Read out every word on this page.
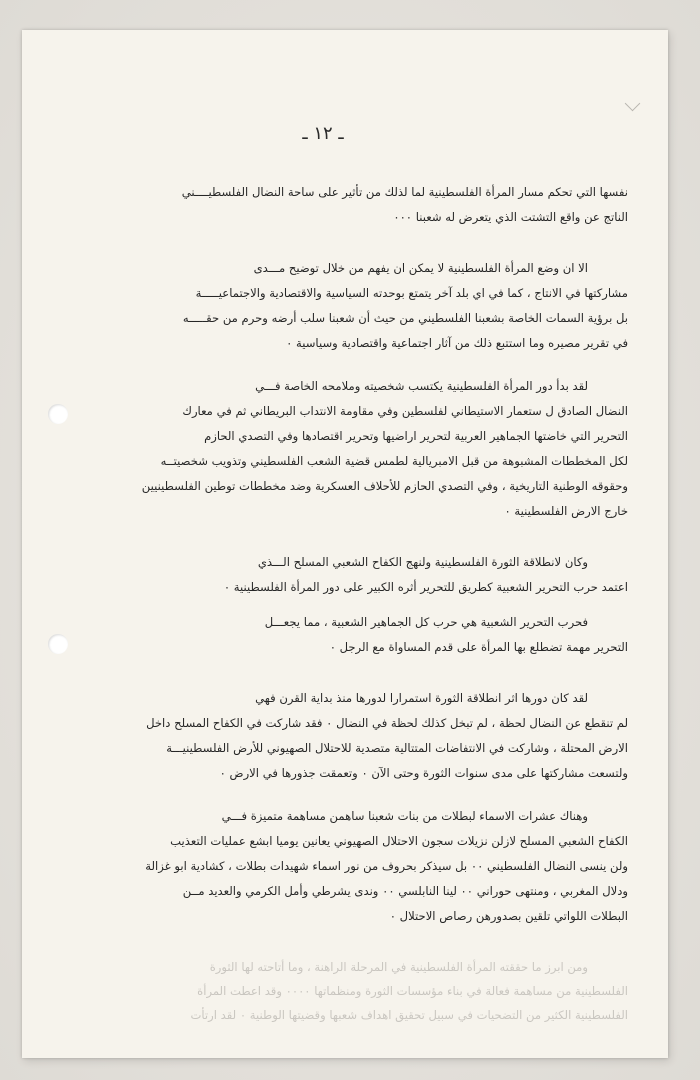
ـ ١٢ ـ
نفسها التي تحكم مسار المرأة الفلسطينية لما لذلك من تأثير على ساحة النضال الفلسطيــــني
الناتج عن واقع التشتت الذي يتعرض له شعبنا ٠٠٠
الا ان وضع المرأة الفلسطينية لا يمكن ان يفهم من خلال توضيح مـــدى
مشاركتها في الانتاج ، كما في اي بلد آخر يتمتع بوحدته السياسية والاقتصادية والاجتماعيـــــة
بل برؤية السمات الخاصة بشعبنا الفلسطيني من حيث أن شعبنا سلب أرضه وحرم من حقـــــه
في تقرير مصيره وما استتبع ذلك من آثار اجتماعية واقتصادية وسياسية ٠
لقد بدأ دور المرأة الفلسطينية يكتسب شخصيته وملامحه الخاصة فـــي
النضال الصادق ل ستعمار الاستيطاني لفلسطين وفي مقاومة الانتداب البريطاني ثم في معارك
التحرير التي خاضتها الجماهير العربية لتحرير اراضيها وتحرير اقتصادها وفي التصدي الحازم
لكل المخططات المشبوهة من قبل الامبريالية لطمس قضية الشعب الفلسطيني وتذويب شخصيتــه
وحقوقه الوطنية التاريخية ، وفي التصدي الحازم للأحلاف العسكرية وضد مخططات توطين الفلسطينيين
خارج الارض الفلسطينية ٠
وكان لانطلاقة الثورة الفلسطينية ولنهج الكفاح الشعبي المسلح الـــذي
اعتمد حرب التحرير الشعبية كطريق للتحرير أثره الكبير على دور المرأة الفلسطينية ٠
فحرب التحرير الشعبية هي حرب كل الجماهير الشعبية ، مما يجعـــل
التحرير مهمة تضطلع بها المرأة على قدم المساواة مع الرجل ٠
لقد كان دورها اثر انطلاقة الثورة استمرارا لدورها منذ بداية القرن فهي
لم تنقطع عن النضال لحظة ، لم تبخل كذلك لحظة في النضال ٠ فقد شاركت في الكفاح المسلح داخل
الارض المحتلة ، وشاركت في الانتفاضات المتتالية متصدية للاحتلال الصهيوني للأرض الفلسطينيـــة
ولتسعت مشاركتها على مدى سنوات الثورة وحتى الآن ٠ وتعمقت جذورها في الارض ٠
وهناك عشرات الاسماء لبطلات من بنات شعبنا ساهمن مساهمة متميزة فـــي
الكفاح الشعبي المسلح لازلن نزيلات سجون الاحتلال الصهيوني يعانين يوميا ابشع عمليات التعذيب
ولن ينسى النضال الفلسطيني ٠٠ بل سيذكر بحروف من نور اسماء شهيدات بطلات ، كشادية ابو غزالة
ودلال المغربي ، ومنتهى حوراني ٠٠ لينا النابلسي ٠٠ وندى يشرطي وأمل الكرمي والعديد مــن
البطلات اللواتي تلقين بصدورهن رصاص الاحتلال ٠
ومن ابرز ما حققته المرأة الفلسطينية في المرحلة الراهنة ، وما أتاحته لها الثورة
الفلسطينية من مساهمة فعالة في بناء مؤسسات الثورة ومنظماتها ٠٠٠٠ وقد اعطت المرأة
الفلسطينية الكثير من التضحيات في سبيل تحقيق اهداف شعبها وقضيتها الوطنية ٠ لقد ارتأت
